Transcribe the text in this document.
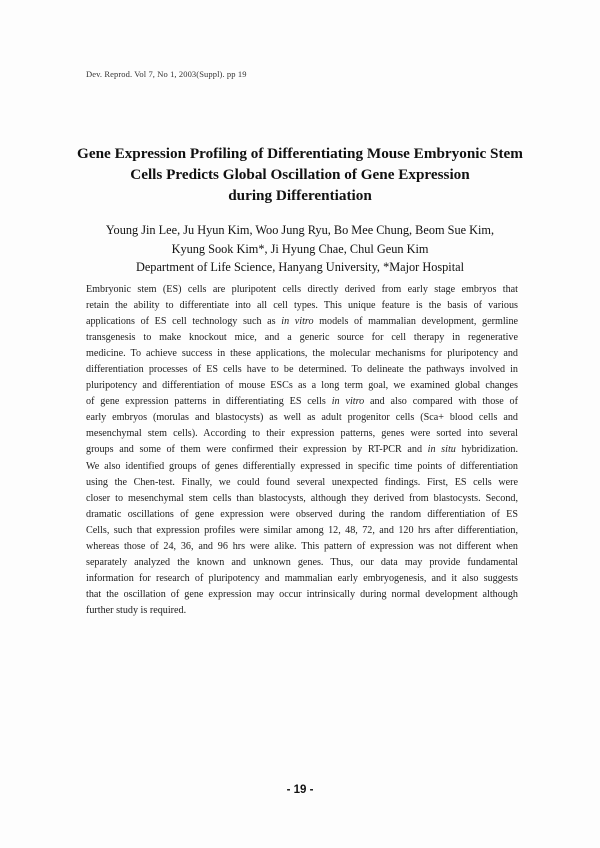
Dev. Reprod. Vol 7, No 1, 2003(Suppl). pp 19
Gene Expression Profiling of Differentiating Mouse Embryonic Stem
Cells Predicts Global Oscillation of Gene Expression
during Differentiation
Young Jin Lee, Ju Hyun Kim, Woo Jung Ryu, Bo Mee Chung, Beom Sue Kim,
Kyung Sook Kim*, Ji Hyung Chae, Chul Geun Kim
Department of Life Science, Hanyang University, *Major Hospital
Embryonic stem (ES) cells are pluripotent cells directly derived from early stage embryos that
retain the ability to differentiate into all cell types. This unique feature is the basis of various
applications of ES cell technology such as in vitro models of mammalian development, germline
transgenesis to make knockout mice, and a generic source for cell therapy in regenerative
medicine. To achieve success in these applications, the molecular mechanisms for pluripotency and
differentiation processes of ES cells have to be determined. To delineate the pathways involved in
pluripotency and differentiation of mouse ESCs as a long term goal, we examined global changes
of gene expression patterns in differentiating ES cells in vitro and also compared with those of
early embryos (morulas and blastocysts) as well as adult progenitor cells (Sca+ blood cells and
mesenchymal stem cells). According to their expression patterns, genes were sorted into several
groups and some of them were confirmed their expression by RT-PCR and in situ hybridization.
We also identified groups of genes differentially expressed in specific time points of differentiation
using the Chen-test. Finally, we could found several unexpected findings. First, ES cells were
closer to mesenchymal stem cells than blastocysts, although they derived from blastocysts. Second,
dramatic oscillations of gene expression were observed during the random differentiation of ES
Cells, such that expression profiles were similar among 12, 48, 72, and 120 hrs after differentiation,
whereas those of 24, 36, and 96 hrs were alike. This pattern of expression was not different when
separately analyzed the known and unknown genes. Thus, our data may provide fundamental
information for research of pluripotency and mammalian early embryogenesis, and it also suggests
that the oscillation of gene expression may occur intrinsically during normal development although
further study is required.
- 19 -
